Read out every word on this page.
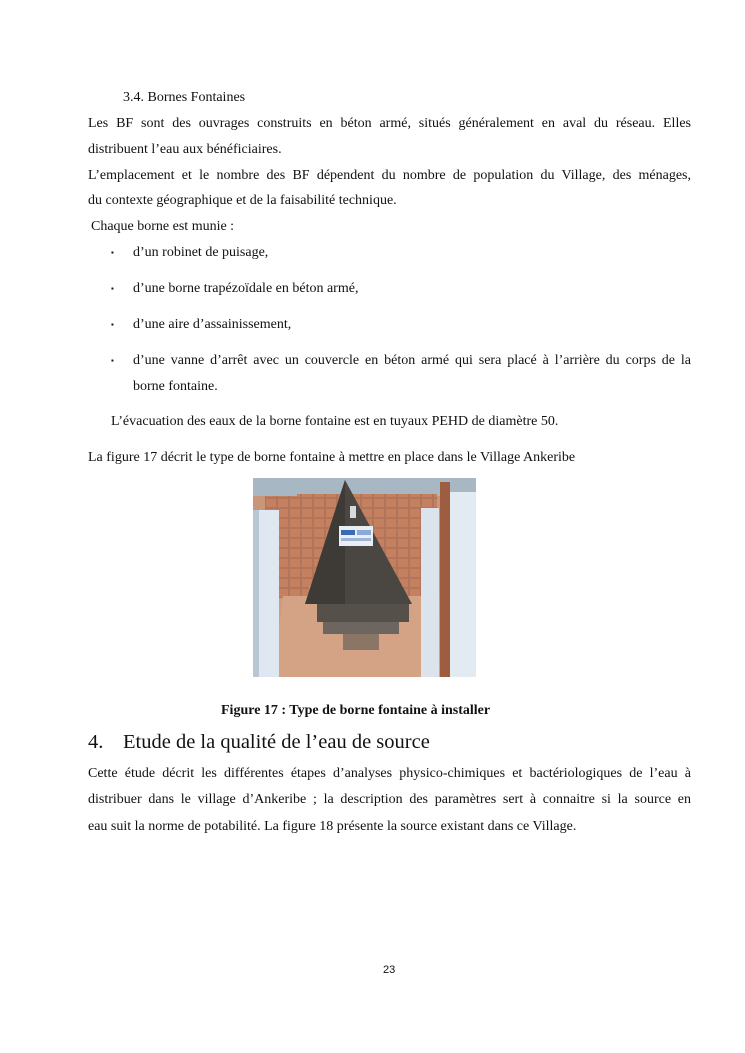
3.4. Bornes Fontaines
Les BF sont des ouvrages construits en béton armé, situés généralement en aval du réseau. Elles
distribuent l’eau aux bénéficiaires.
L’emplacement et le nombre des BF dépendent du nombre de population du Village, des ménages,
du contexte géographique et de la faisabilité technique.
Chaque borne est munie :
▪ d’un robinet de puisage,
▪ d’une borne trapézoïdale en béton armé,
▪ d’une aire d’assainissement,
▪ d’une vanne d’arrêt avec un couvercle en béton armé qui sera placé à l’arrière du corps de la
borne fontaine.
L’évacuation des eaux de la borne fontaine est en tuyaux PEHD de diamètre 50.
La figure 17 décrit le type de borne fontaine à mettre en place dans le Village Ankeribe
Figure 17 : Type de borne fontaine à installer
4. Etude de la qualité de l’eau de source
Cette étude décrit les différentes étapes d’analyses physico-chimiques et bactériologiques de l’eau à
distribuer dans le village d’Ankeribe ; la description des paramètres sert à connaitre si la source en
eau suit la norme de potabilité. La figure 18 présente la source existant dans ce Village.
23
